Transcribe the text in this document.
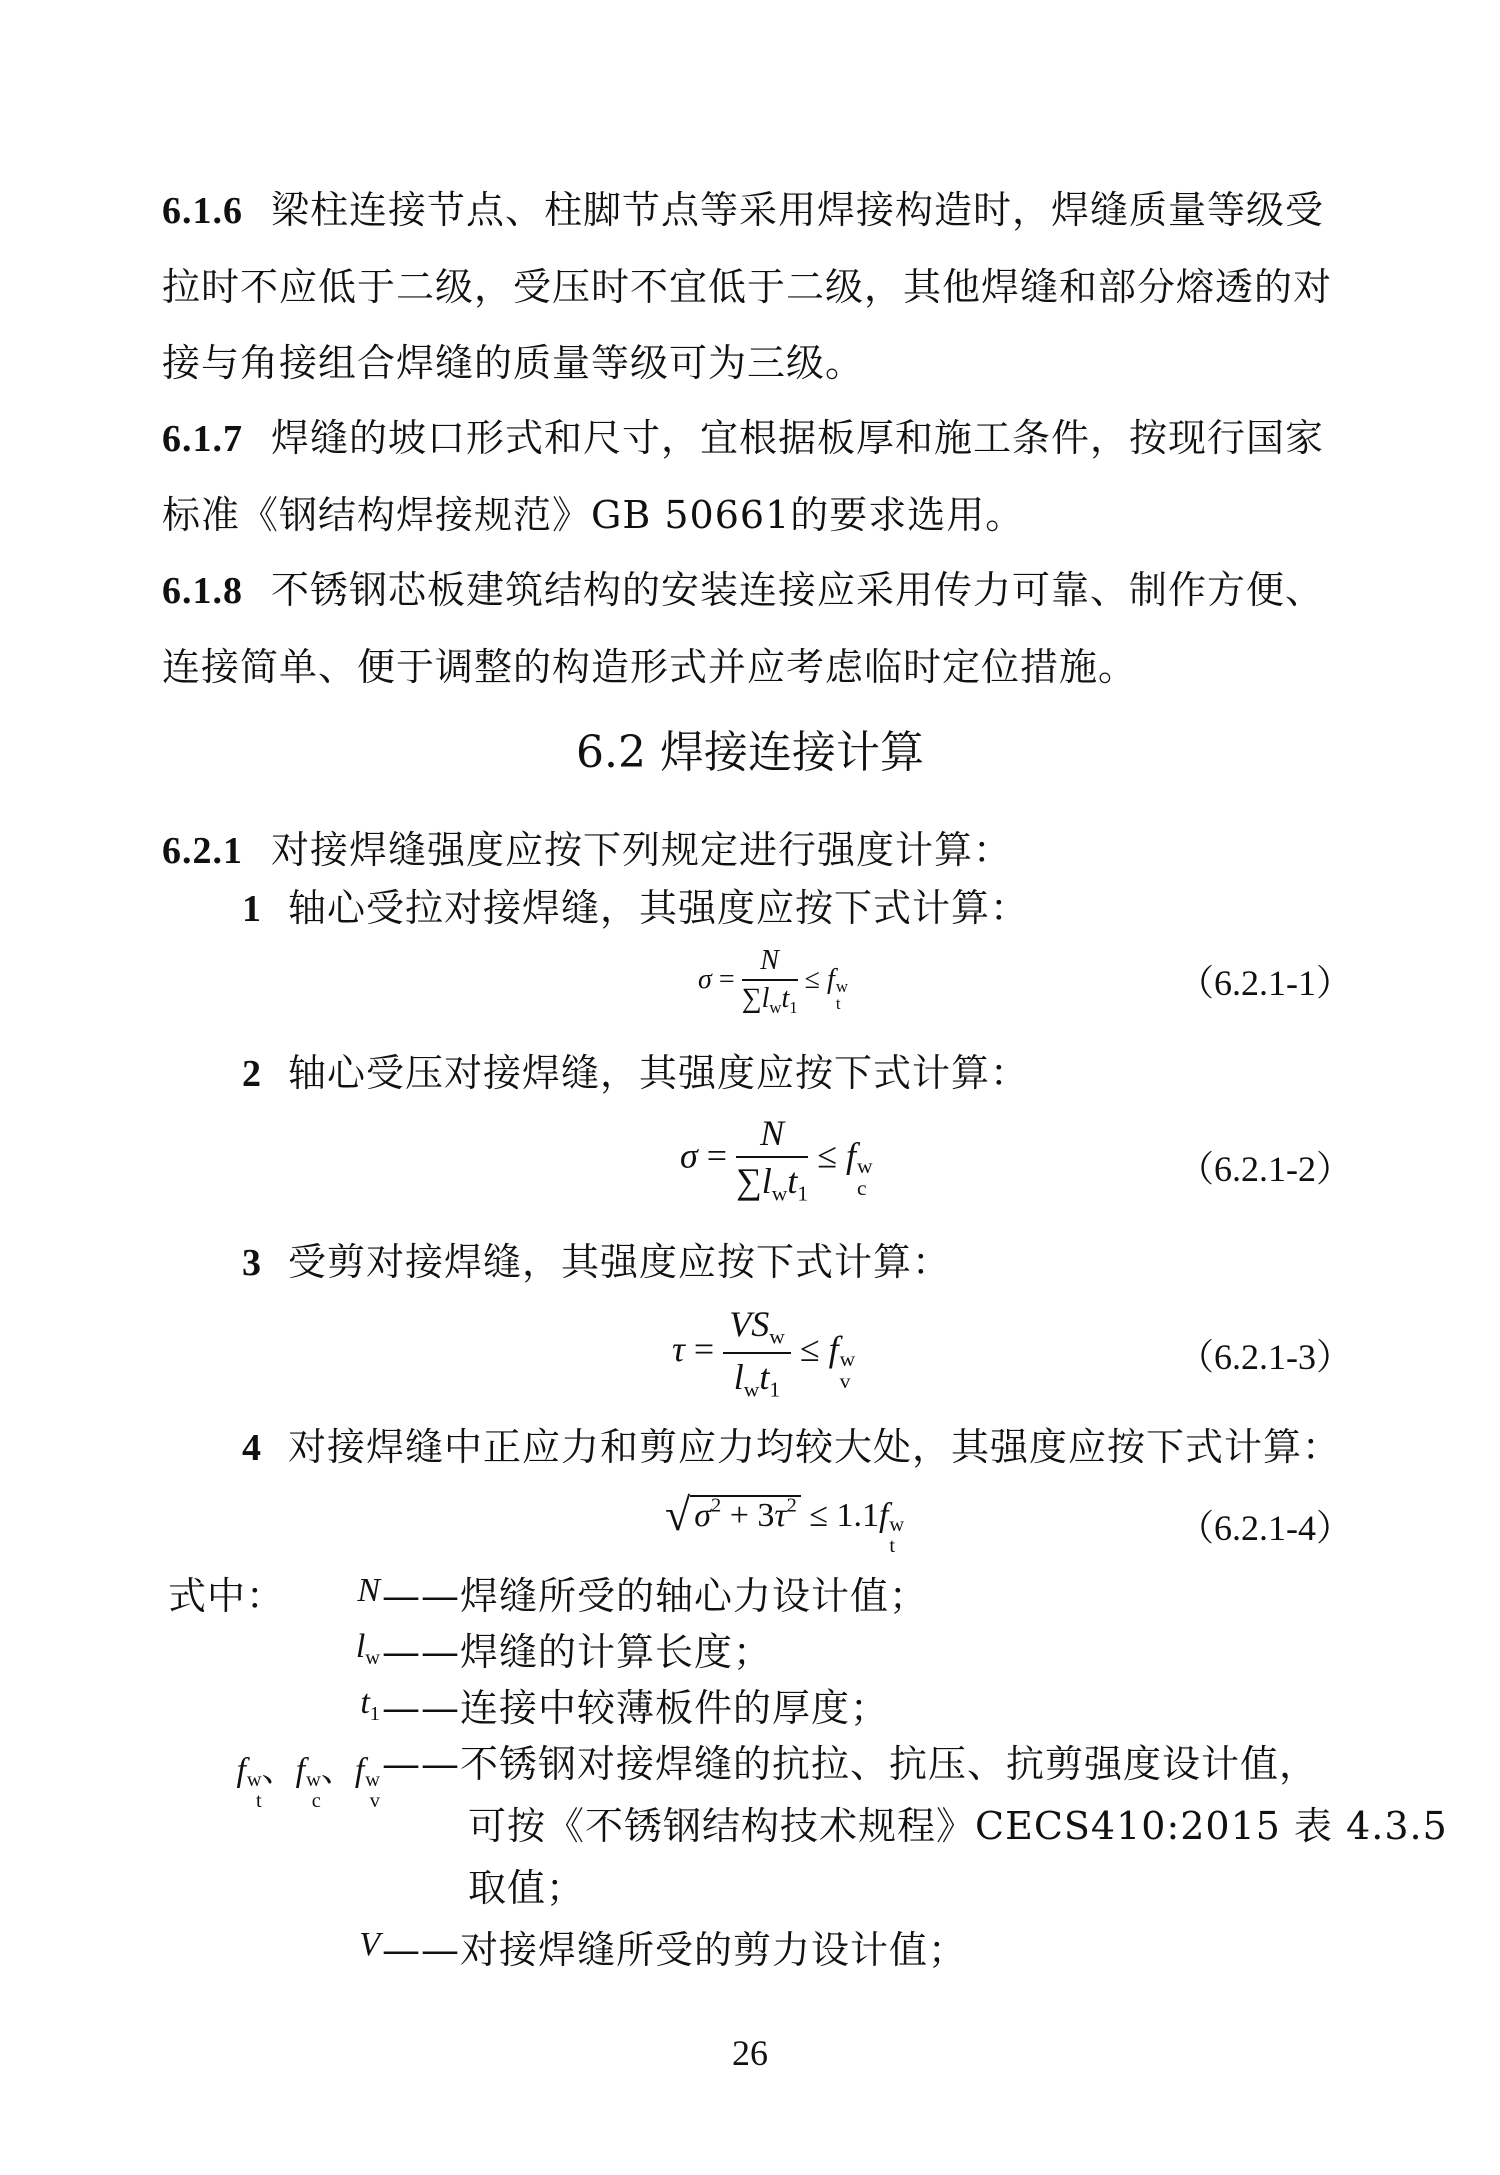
6.1.6 梁柱连接节点、柱脚节点等采用焊接构造时，焊缝质量等级受
拉时不应低于二级，受压时不宜低于二级，其他焊缝和部分熔透的对
接与角接组合焊缝的质量等级可为三级。
6.1.7 焊缝的坡口形式和尺寸，宜根据板厚和施工条件，按现行国家
标准《钢结构焊接规范》GB 50661的要求选用。
6.1.8 不锈钢芯板建筑结构的安装连接应采用传力可靠、制作方便、
连接简单、便于调整的构造形式并应考虑临时定位措施。
6.2 焊接连接计算
6.2.1 对接焊缝强度应按下列规定进行强度计算：
1 轴心受拉对接焊缝，其强度应按下式计算：
$\sigma = \frac{N}{\sum l_wt_1} \le f$ w
t
（6.2.1-1）
2 轴心受压对接焊缝，其强度应按下式计算：
$\sigma = \frac{N}{\sum l_wt_1} \le f$ w
c	（6.2.1-2）
3 受剪对接焊缝，其强度应按下式计算：
$\tau = \frac{VS_w}{l_wt_1} \le f$ w
v
（6.2.1-3）
4 对接焊缝中正应力和剪应力均较大处，其强度应按下式计算：
√ $\sigma^2 + 3\tau^2 \le 1.1f$ w
t	（6.2.1-4）
式中：	N ——焊缝所受的轴心力设计值；
$l_w$ ——焊缝的计算长度；
$t_1$ ——连接中较薄板件的厚度；
f w
t
、f w
c
、f w
v
——不锈钢对接焊缝的抗拉、抗压、抗剪强度设计值，
可按《不锈钢结构技术规程》CECS410:2015 表 4.3.5
取值；
V ——对接焊缝所受的剪力设计值；
26
